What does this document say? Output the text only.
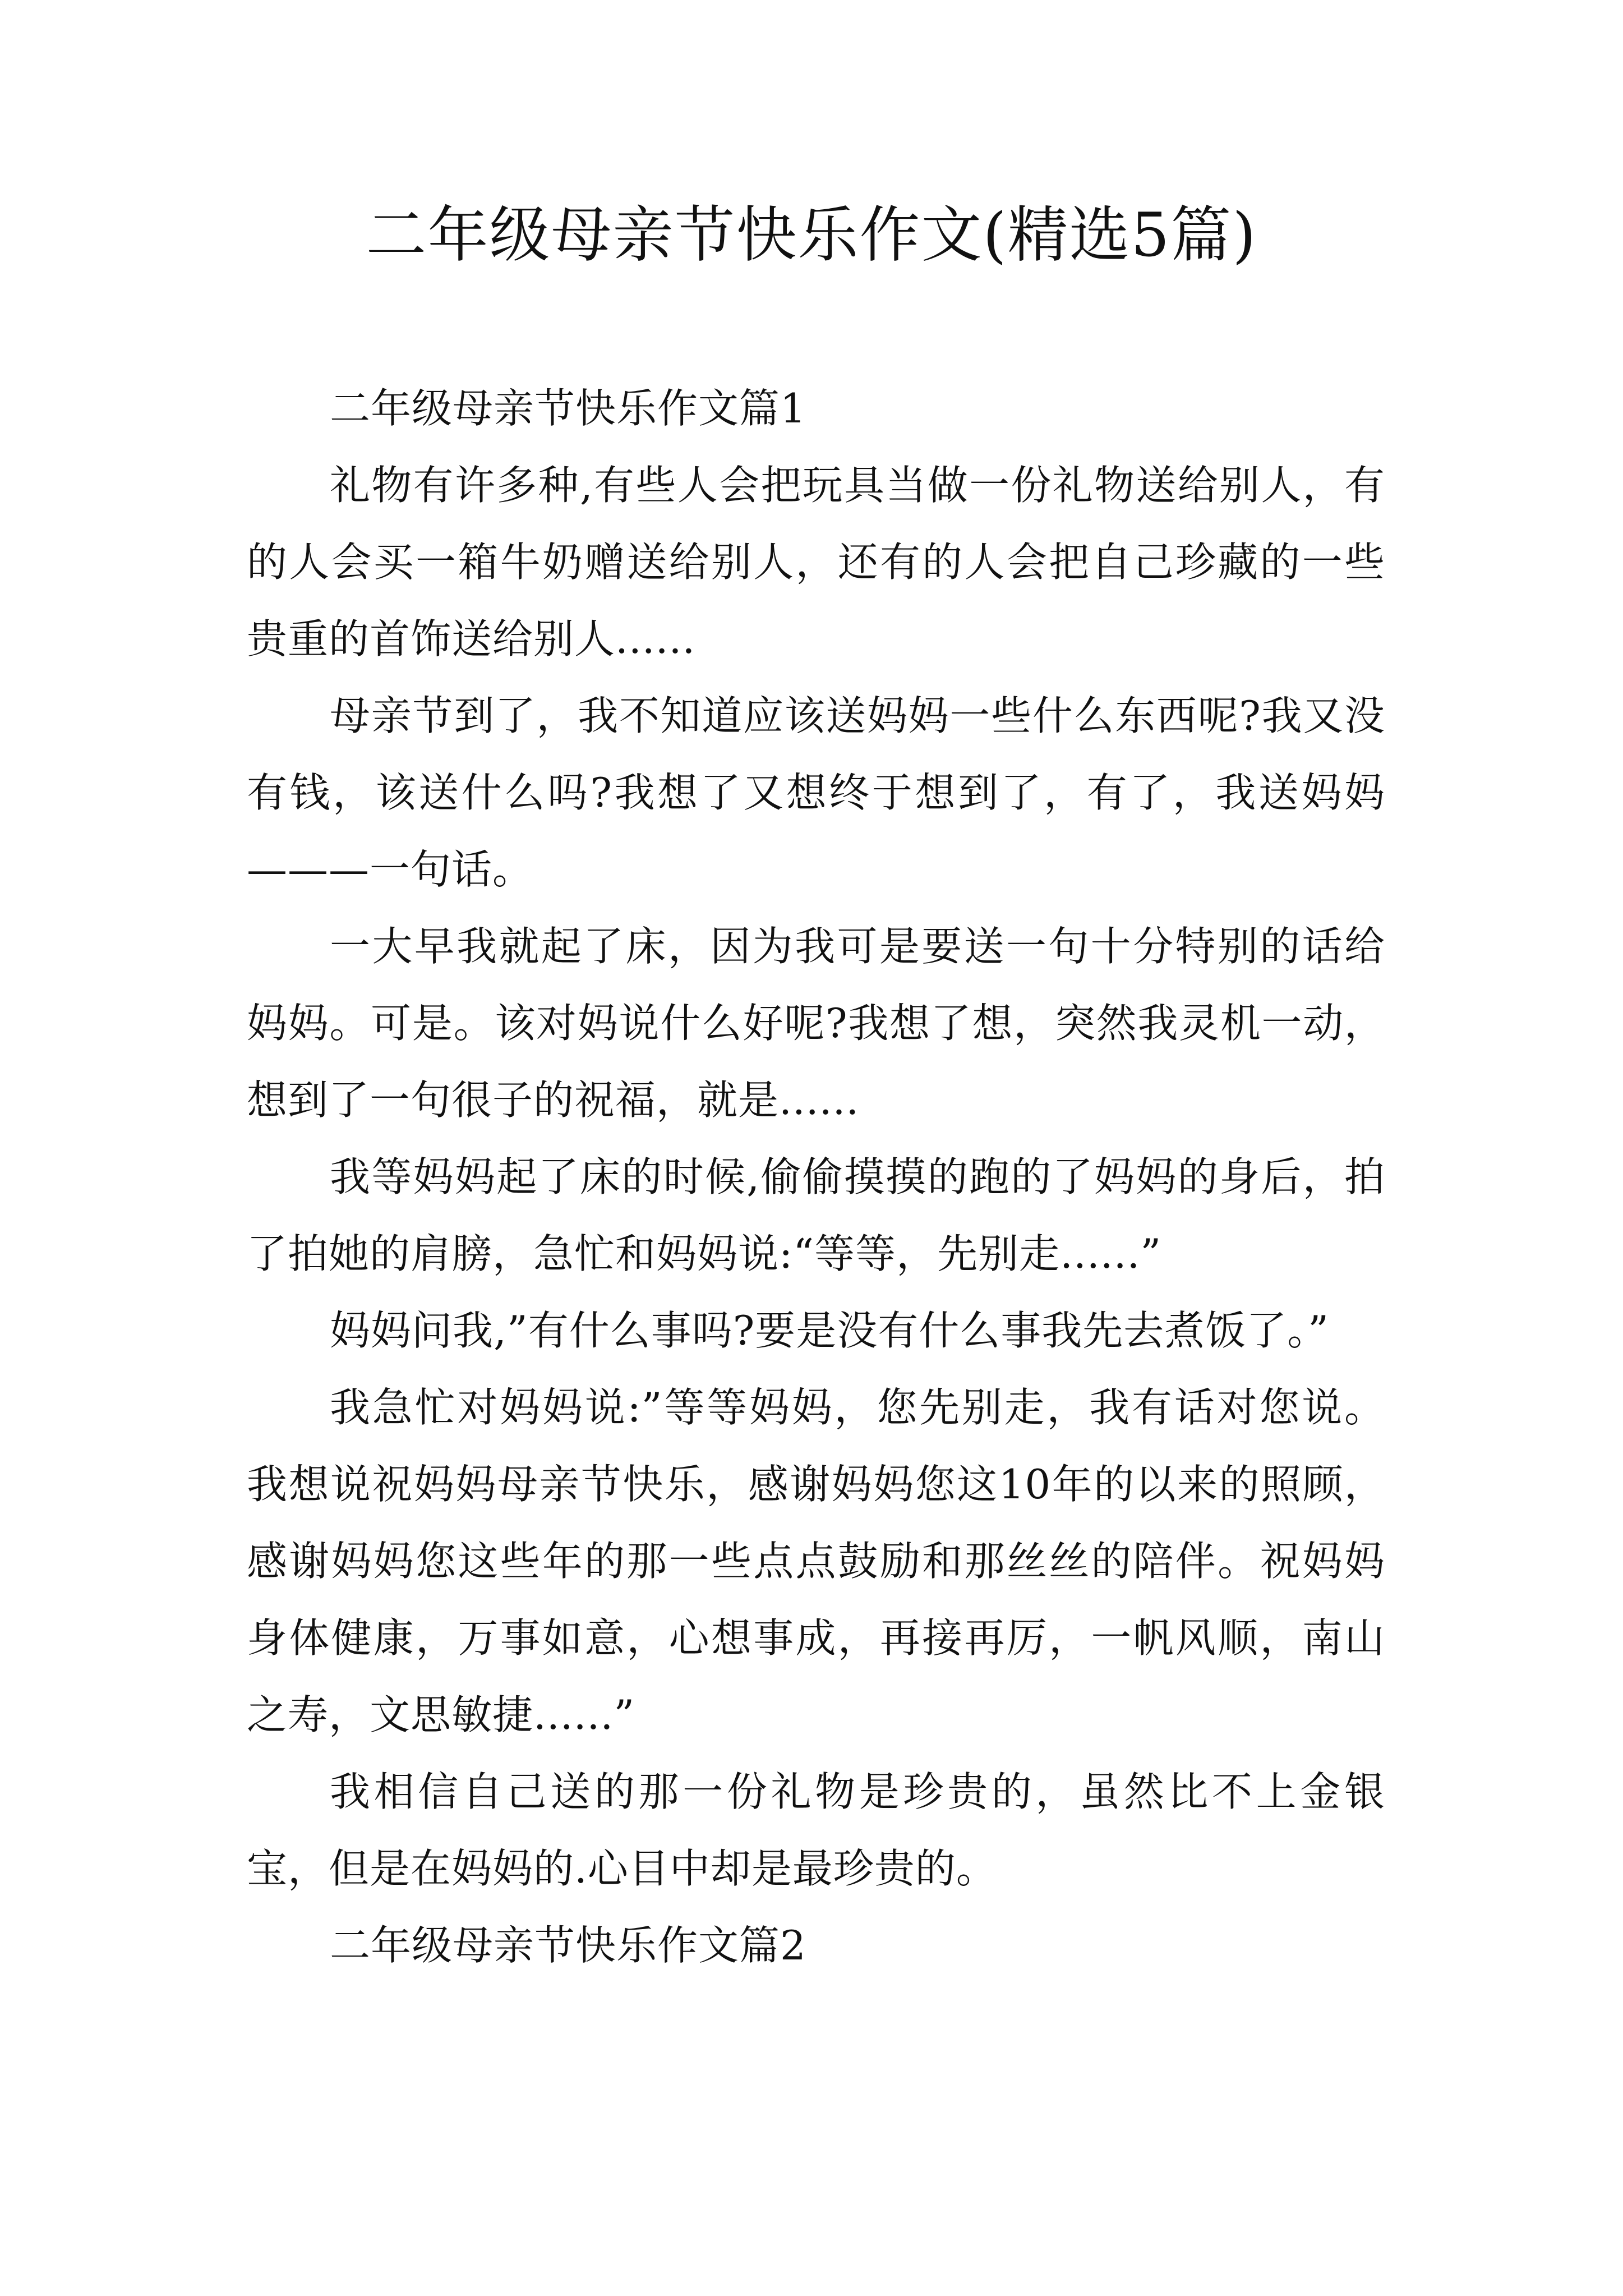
二年级母亲节快乐作文(精选5篇)

二年级母亲节快乐作文篇1

礼物有许多种,有些人会把玩具当做一份礼物送给别人，有的人会买一箱牛奶赠送给别人，还有的人会把自己珍藏的一些贵重的首饰送给别人......

母亲节到了，我不知道应该送妈妈一些什么东西呢?我又没有钱，该送什么吗?我想了又想终于想到了，有了，我送妈妈———一句话。

一大早我就起了床，因为我可是要送一句十分特别的话给妈妈。可是。该对妈说什么好呢?我想了想，突然我灵机一动，想到了一句很子的祝福，就是......

我等妈妈起了床的时候,偷偷摸摸的跑的了妈妈的身后，拍了拍她的肩膀，急忙和妈妈说:“等等，先别走......”

妈妈问我,”有什么事吗?要是没有什么事我先去煮饭了。”

我急忙对妈妈说:”等等妈妈，您先别走，我有话对您说。我想说祝妈妈母亲节快乐，感谢妈妈您这10年的以来的照顾，感谢妈妈您这些年的那一些点点鼓励和那丝丝的陪伴。祝妈妈身体健康，万事如意，心想事成，再接再厉，一帆风顺，南山之寿，文思敏捷......”

我相信自己送的那一份礼物是珍贵的，虽然比不上金银宝，但是在妈妈的.心目中却是最珍贵的。

二年级母亲节快乐作文篇2
